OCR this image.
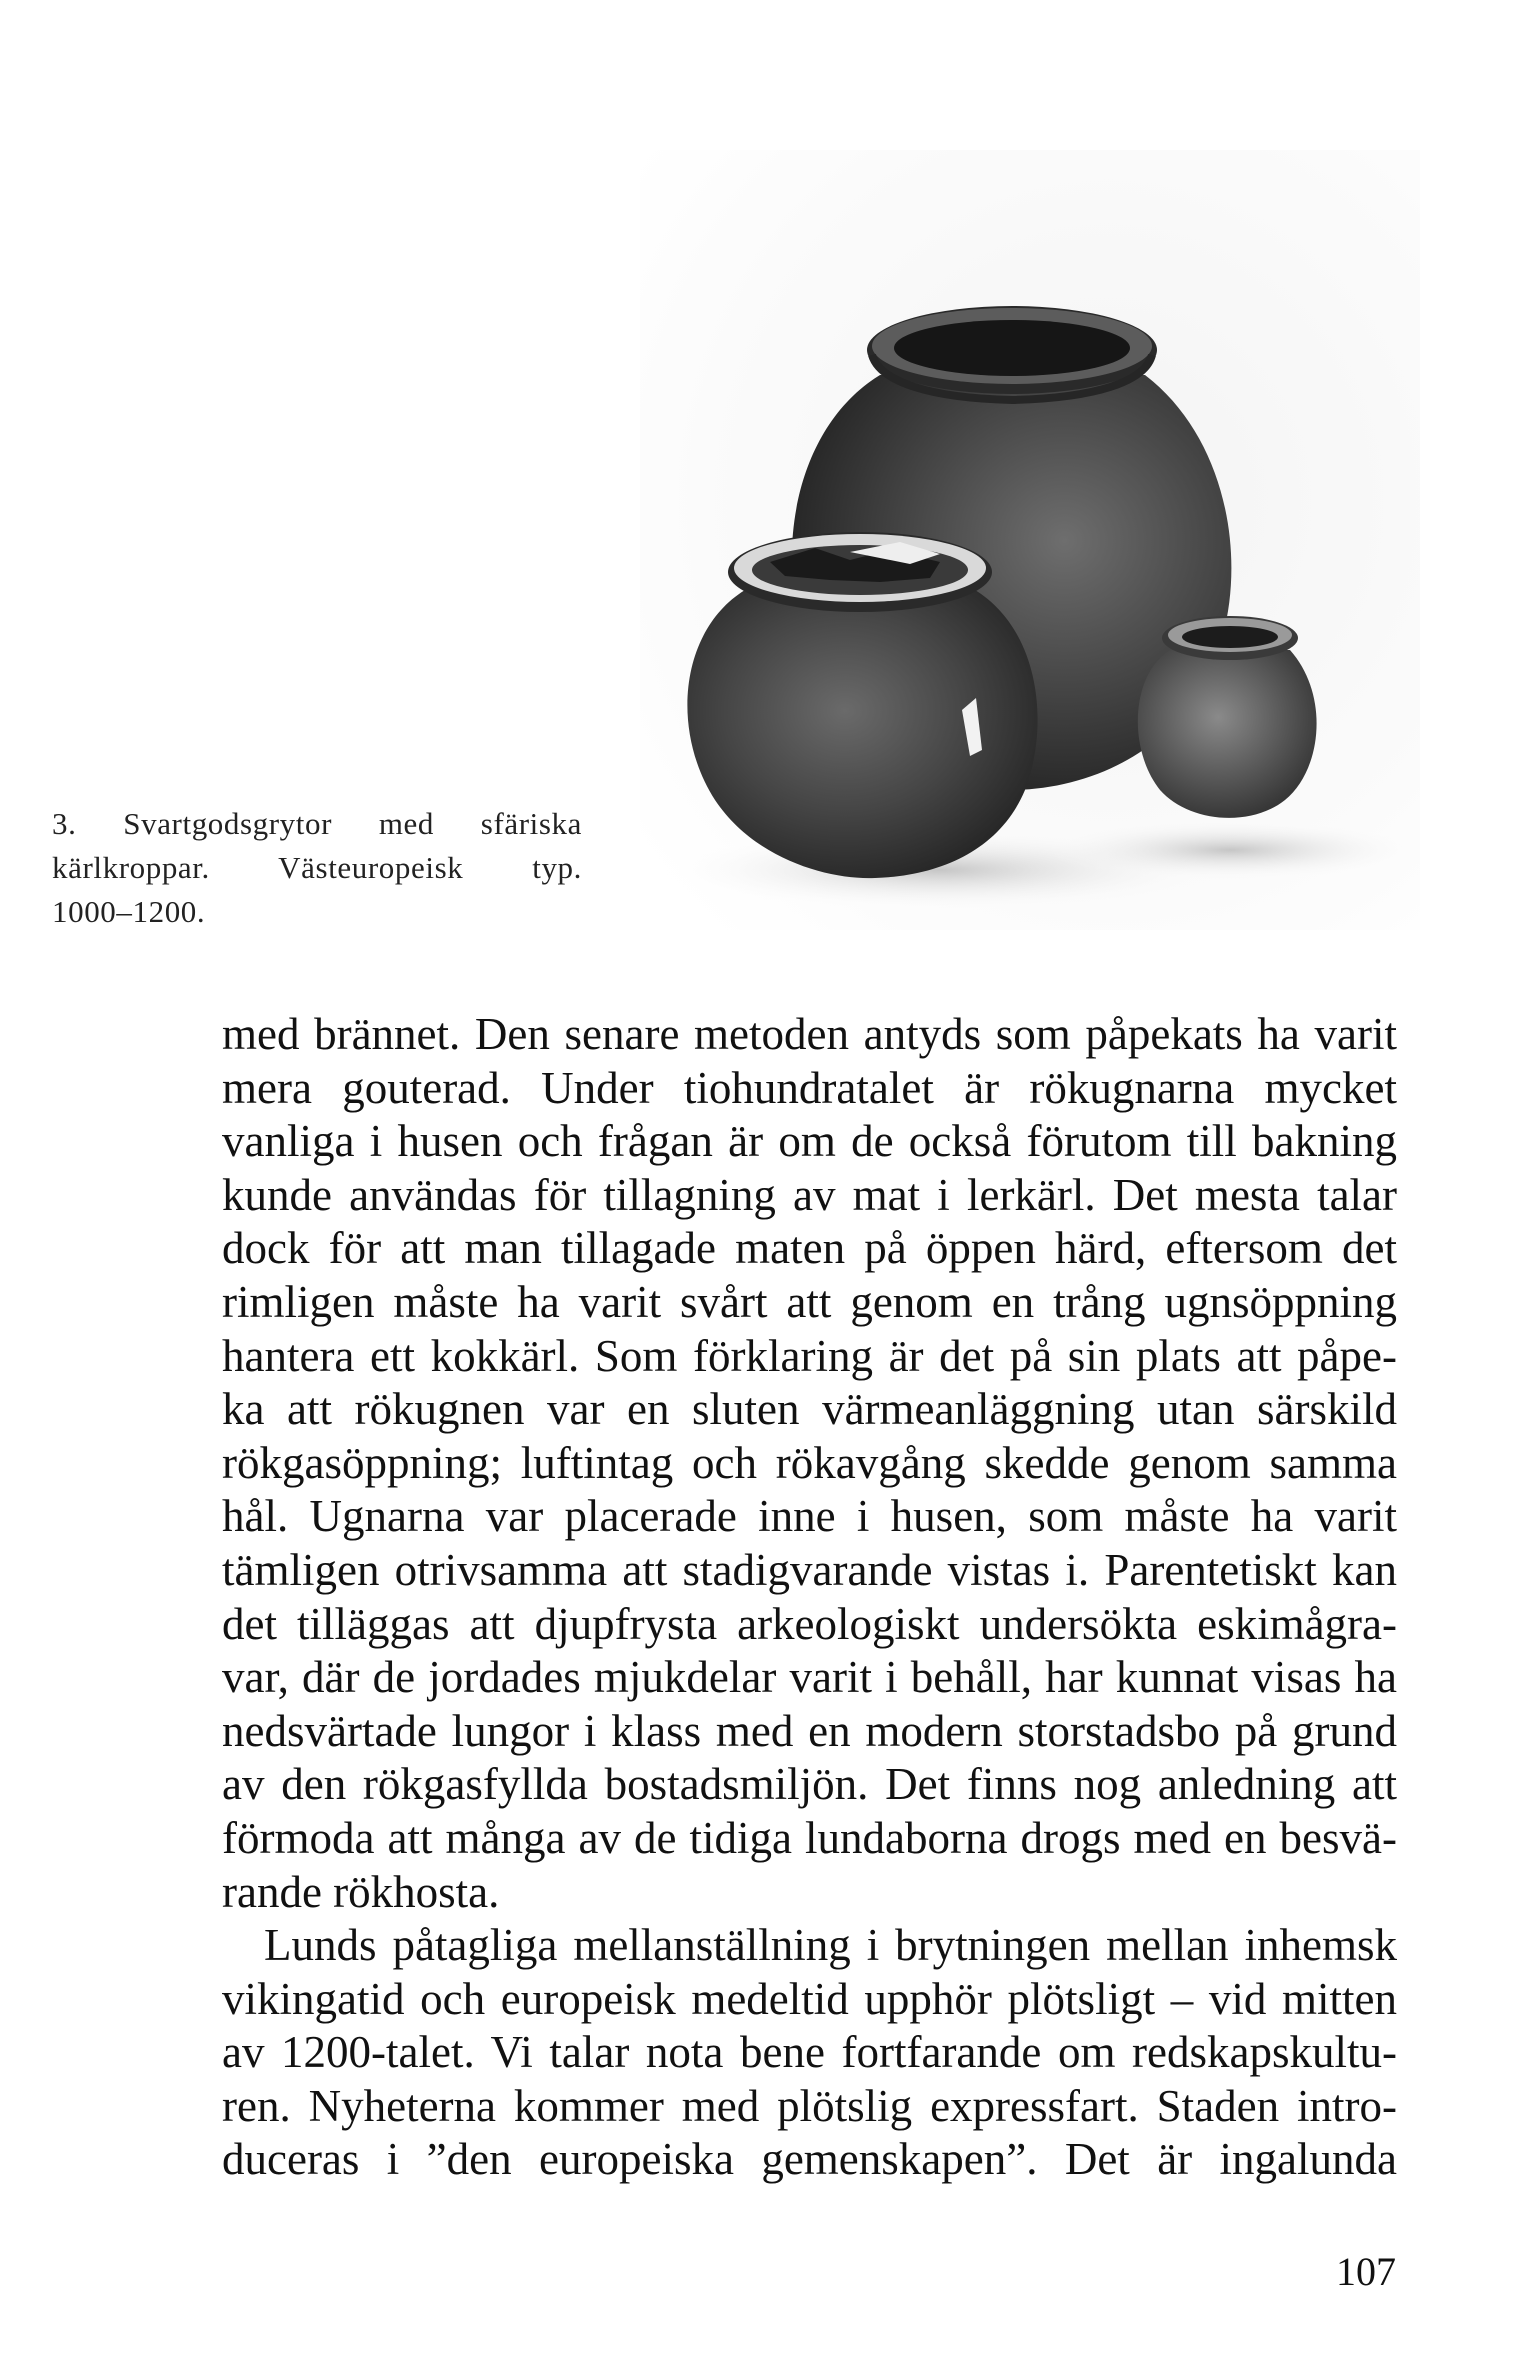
3. Svartgodsgrytor med sfäriska
kärlkroppar. Västeuropeisk typ.
1000–1200.
med brännet. Den senare metoden antyds som påpekats ha varit
mera gouterad. Under tiohundratalet är rökugnarna mycket
vanliga i husen och frågan är om de också förutom till bakning
kunde användas för tillagning av mat i lerkärl. Det mesta talar
dock för att man tillagade maten på öppen härd, eftersom det
rimligen måste ha varit svårt att genom en trång ugnsöppning
hantera ett kokkärl. Som förklaring är det på sin plats att påpe-
ka att rökugnen var en sluten värmeanläggning utan särskild
rökgasöppning; luftintag och rökavgång skedde genom samma
hål. Ugnarna var placerade inne i husen, som måste ha varit
tämligen otrivsamma att stadigvarande vistas i. Parentetiskt kan
det tilläggas att djupfrysta arkeologiskt undersökta eskimågra-
var, där de jordades mjukdelar varit i behåll, har kunnat visas ha
nedsvärtade lungor i klass med en modern storstadsbo på grund
av den rökgasfyllda bostadsmiljön. Det finns nog anledning att
förmoda att många av de tidiga lundaborna drogs med en besvä-
rande rökhosta.
Lunds påtagliga mellanställning i brytningen mellan inhemsk
vikingatid och europeisk medeltid upphör plötsligt – vid mitten
av 1200-talet. Vi talar nota bene fortfarande om redskapskultu-
ren. Nyheterna kommer med plötslig expressfart. Staden intro-
duceras i ”den europeiska gemenskapen”. Det är ingalunda
107
